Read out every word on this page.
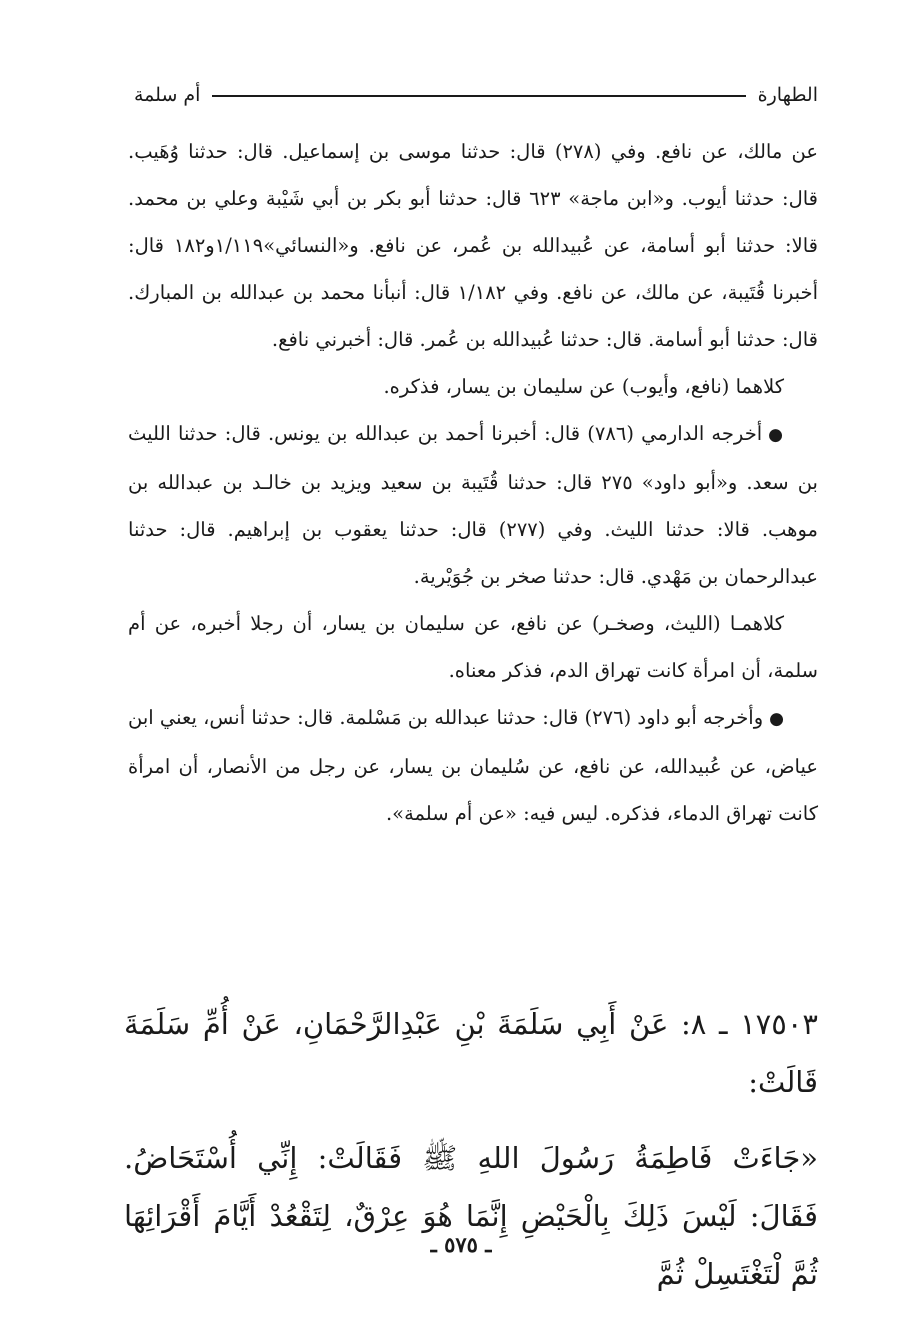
الطهارة
أم سلمة

عن مالك، عن نافع. وفي (٢٧٨) قال: حدثنا موسى بن إسماعيل. قال: حدثنا وُهَيب. قال: حدثنا أيوب. و«ابن ماجة» ٦٢٣ قال: حدثنا أبو بكر بن أبي شَيْبة وعلي بن محمد. قالا: حدثنا أبو أسامة، عن عُبيدالله بن عُمر، عن نافع. و«النسائي»١/١١٩و١٨٢ قال: أخبرنا قُتَيبة، عن مالك، عن نافع. وفي ١/١٨٢ قال: أنبأنا محمد بن عبدالله بن المبارك. قال: حدثنا أبو أسامة. قال: حدثنا عُبيدالله بن عُمر. قال: أخبرني نافع.

كلاهما (نافع، وأيوب) عن سليمان بن يسار، فذكره.

●أخرجه الدارمي (٧٨٦) قال: أخبرنا أحمد بن عبدالله بن يونس. قال: حدثنا الليث بن سعد. و«أبو داود» ٢٧٥ قال: حدثنا قُتَيبة بن سعيد ويزيد بن خالـد بن عبدالله بن موهب. قالا: حدثنا الليث. وفي (٢٧٧) قال: حدثنا يعقوب بن إبراهيم. قال: حدثنا عبدالرحمان بن مَهْدي. قال: حدثنا صخر بن جُوَيْرية.

كلاهمـا (الليث، وصخـر) عن نافع، عن سليمان بن يسار، أن رجلا أخبره، عن أم سلمة، أن امرأة كانت تهراق الدم، فذكر معناه.

●وأخرجه أبو داود (٢٧٦) قال: حدثنا عبدالله بن مَسْلمة. قال: حدثنا أنس، يعني ابن عياض، عن عُبيدالله، عن نافع، عن سُليمان بن يسار، عن رجل من الأنصار، أن امرأة كانت تهراق الدماء، فذكره. ليس فيه: «عن أم سلمة».

١٧٥٠٣ ـ ٨: عَنْ أَبِي سَلَمَةَ بْنِ عَبْدِالرَّحْمَانِ، عَنْ أُمِّ سَلَمَةَ قَالَتْ:

«جَاءَتْ فَاطِمَةُ رَسُولَ اللهِ ﷺ فَقَالَتْ: إِنِّي أُسْتَحَاضُ. فَقَالَ: لَيْسَ ذَلِكَ بِالْحَيْضِ إِنَّمَا هُوَ عِرْقٌ، لِتَقْعُدْ أَيَّامَ أَقْرَائِهَا ثُمَّ لْتَغْتَسِلْ ثُمَّ

ـ ٥٧٥ ـ
